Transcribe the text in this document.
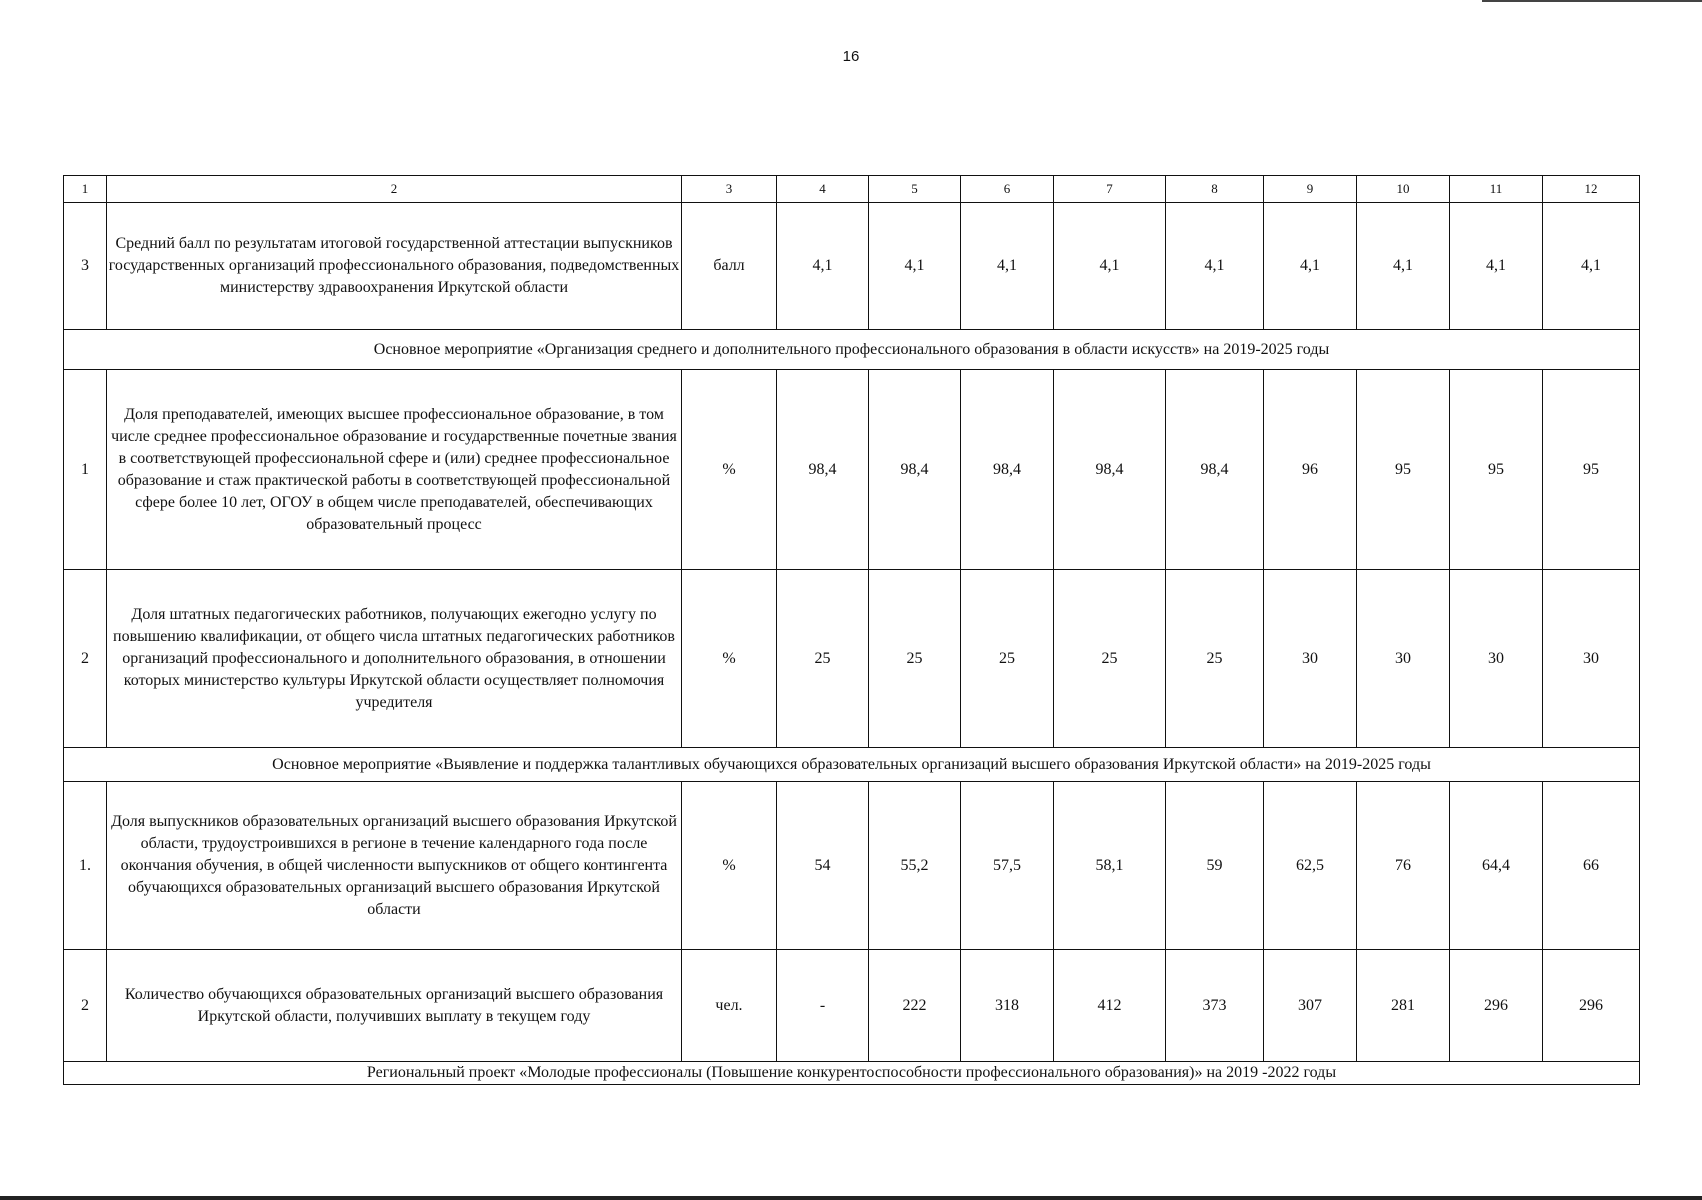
16
1	2	3	4	5	6	7	8	9	10	11	12
3	Средний балл по результатам итоговой государственной аттестации выпускников государственных организаций профессионального образования, подведомственных министерству здравоохранения Иркутской области	балл	4,1	4,1	4,1	4,1	4,1	4,1	4,1	4,1	4,1
Основное мероприятие «Организация среднего и дополнительного профессионального образования в области искусств» на 2019-2025 годы											
1	Доля преподавателей, имеющих высшее профессиональное образование, в том числе среднее профессиональное образование и государственные почетные звания в соответствующей профессиональной сфере и (или) среднее профессиональное образование и стаж практической работы в соответствующей профессиональной сфере более 10 лет, ОГОУ в общем числе преподавателей, обеспечивающих образовательный процесс	%	98,4	98,4	98,4	98,4	98,4	96	95	95	95
2	Доля штатных педагогических работников, получающих ежегодно услугу по повышению квалификации, от общего числа штатных педагогических работников организаций профессионального и дополнительного образования, в отношении которых министерство культуры Иркутской области осуществляет полномочия учредителя	%	25	25	25	25	25	30	30	30	30
Основное мероприятие «Выявление и поддержка талантливых обучающихся образовательных организаций высшего образования Иркутской области» на 2019-2025 годы											
1.	Доля выпускников образовательных организаций высшего образования Иркутской области, трудоустроившихся в регионе в течение календарного года после окончания обучения, в общей численности выпускников от общего контингента обучающихся образовательных организаций высшего образования Иркутской области	%	54	55,2	57,5	58,1	59	62,5	76	64,4	66
2	Количество обучающихся образовательных организаций высшего образования Иркутской области, получивших выплату в текущем году	чел.	-	222	318	412	373	307	281	296	296
Региональный проект «Молодые профессионалы (Повышение конкурентоспособности профессионального образования)» на 2019 -2022 годы											
